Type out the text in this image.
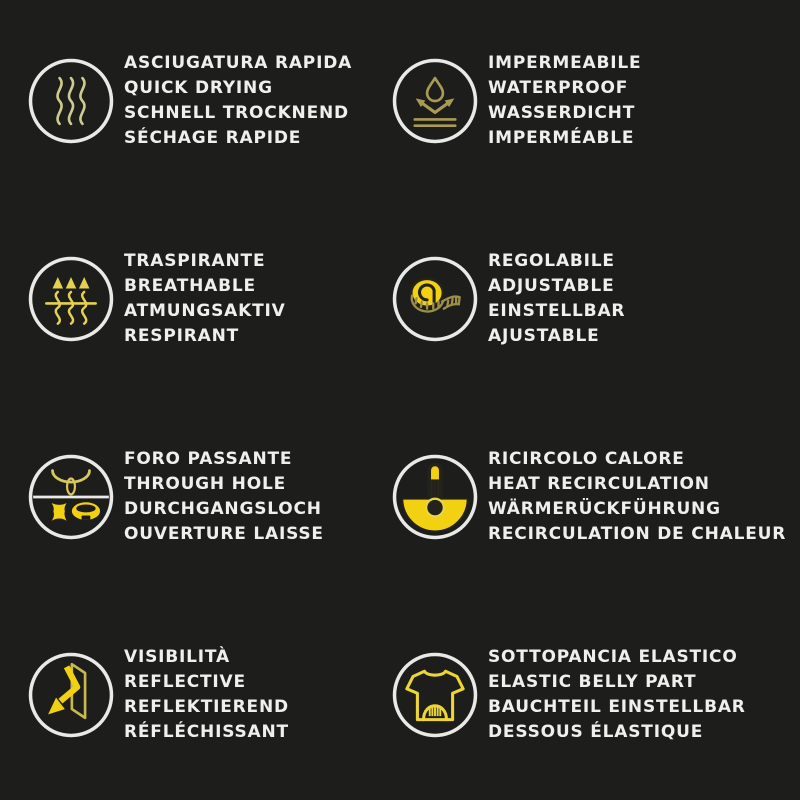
ASCIUGATURA RAPIDA
QUICK DRYING
SCHNELL TROCKNEND
SÉCHAGE RAPIDE
IMPERMEABILE
WATERPROOF
WASSERDICHT
IMPERMÉABLE
TRASPIRANTE
BREATHABLE
ATMUNGSAKTIV
RESPIRANT
REGOLABILE
ADJUSTABLE
EINSTELLBAR
AJUSTABLE
FORO PASSANTE
THROUGH HOLE
DURCHGANGSLOCH
OUVERTURE LAISSE
RICIRCOLO CALORE
HEAT RECIRCULATION
WÄRMERÜCKFÜHRUNG
RECIRCULATION DE CHALEUR
VISIBILITÀ
REFLECTIVE
REFLEKTIEREND
RÉFLÉCHISSANT
SOTTOPANCIA ELASTICO
ELASTIC BELLY PART
BAUCHTEIL EINSTELLBAR
DESSOUS ÉLASTIQUE
